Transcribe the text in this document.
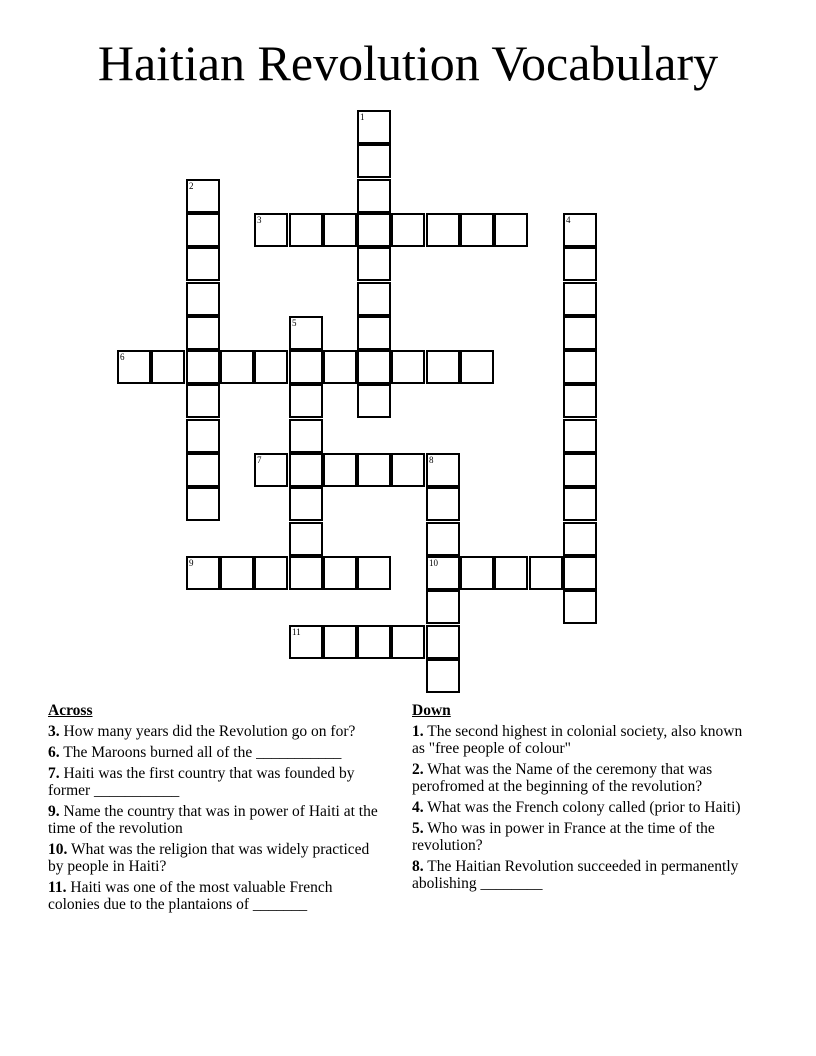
Haitian Revolution Vocabulary
1
2
3	4
5
6
7	8
10
9
11
Across
3. How many years did the Revolution go on for?
6. The Maroons burned all of the ___________
7. Haiti was the first country that was founded by former ___________
9. Name the country that was in power of Haiti at the time of the revolution
10. What was the religion that was widely practiced by people in Haiti?
11. Haiti was one of the most valuable French colonies due to the plantaions of _______
Down
1. The second highest in colonial society, also known as "free people of colour"
2. What was the Name of the ceremony that was perofromed at the beginning of the revolution?
4. What was the French colony called (prior to Haiti)
5. Who was in power in France at the time of the revolution?
8. The Haitian Revolution succeeded in permanently abolishing ________
